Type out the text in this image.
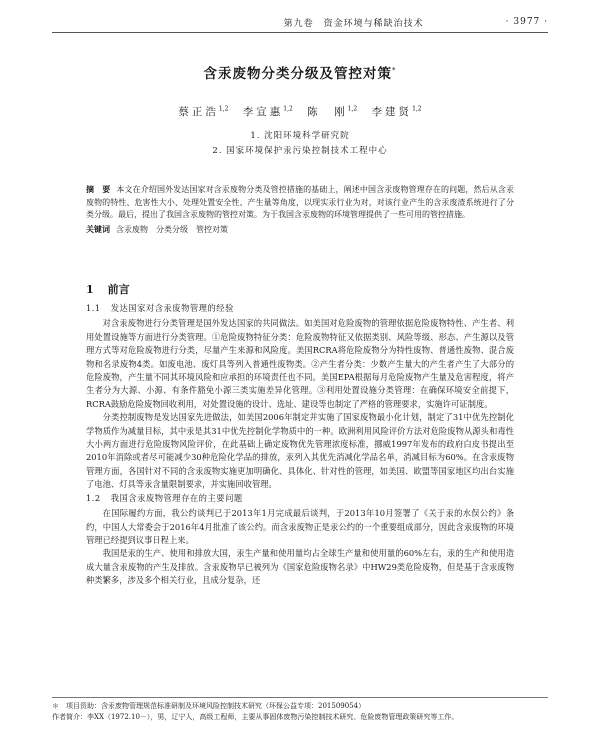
第九卷　资金环境与稀缺治技术	· 3977 ·
含汞废物分类分级及管控对策*
蔡正浩$^{1,2}$ 李宣惠$^{1,2}$ 陈　刚$^{1,2}$ 李建贤$^{1,2}$
1. 沈阳环境科学研究院
2. 国家环境保护汞污染控制技术工程中心
摘　要 本文在介绍国外发达国家对含汞废物分类及管控措施的基础上，阐述中国含汞废物管理存在的问题，然后从含汞废物的特性、危害性大小、处理处置安全性、产生量等角度，以现实汞行业为对，对该行业产生的含汞废渣系统进行了分类分级。最后，提出了我国含汞废物的管控对策。为于我国含汞废物的环境管理提供了一些可用的管控措施。
关键词 含汞废物　分类分级　管控对策
1 前言

1.1 发达国家对含汞废物管理的经验

对含汞废物进行分类管理是国外发达国家的共同做法。如美国对危险废物的管理依据危险废物特性、产生者、利用处置设施等方面进行分类管理。①危险废物特征分类：危险废物特征又依据类别、风险等级、形态、产生源以及管理方式等对危险废物进行分类，尽量产生来源和风险度。美国RCRA将危险废物分为特性废物、普通性废物、混合废物和名录废物4类。如废电池、废灯具等列入普通性废物类。②产生者分类：少数产生量大的产生者产生了大部分的危险废物，产生量不同其环境风险和应承担的环境责任也不同。美国EPA根据每月危险废物产生量及危害程度，将产生者分为大源、小源、有条件豁免小源三类实施差异化管理。③利用处置设施分类管理：在确保环境安全前提下，RCRA鼓励危险废物回收利用，对处置设施的设计、选址、建设等也制定了严格的管理要求，实施许可证制度。

分类控制废物是发达国家先进做法，如美国2006年制定并实施了国家废物最小化计划，制定了31中优先控制化学物质作为减量目标，其中汞是其31中优先控制化学物质中的一种。欧洲利用风险评价方法对危险废物从源头和毒性大小两方面进行危险废物风险评价，在此基础上确定废物优先管理浓度标准，挪威1997年发布的政府白皮书提出至2010年消除或者尽可能减少30种危险化学品的排放，汞列入其优先消减化学品名单，消减目标为60%。在含汞废物管理方面，各国针对不同的含汞废物实施更加明确化、具体化、针对性的管理，如美国、欧盟等国家地区均出台实施了电池、灯具等汞含量限制要求，并实施回收管理。

1.2 我国含汞废物管理存在的主要问题

在国际履约方面，我公约谈判已于2013年1月完成最后谈判，于2013年10月签署了《关于汞的水俣公约》条约，中国人大常委会于2016年4月批准了该公约。而含汞废物正是汞公约的一个重要组成部分，因此含汞废物的环境管理已经提到议事日程上来。

我国是汞的生产、使用和排放大国，汞生产量和使用量均占全球生产量和使用量的60%左右，汞的生产和使用造成大量含汞废物的产生及排放。含汞废物早已被列为《国家危险废物名录》中HW29类危险废物，但是基于含汞废物种类繁多，涉及多个相关行业，且成分复杂，还

＊　项目资助：含汞废物管理规范标准研制及环境风险控制技术研究（环保公益专项：201509054）

作者简介：李XX（1972.10－），男，辽宁人，高级工程师，主要从事固体废物污染控制技术研究、危险废物管理政策研究等工作。
